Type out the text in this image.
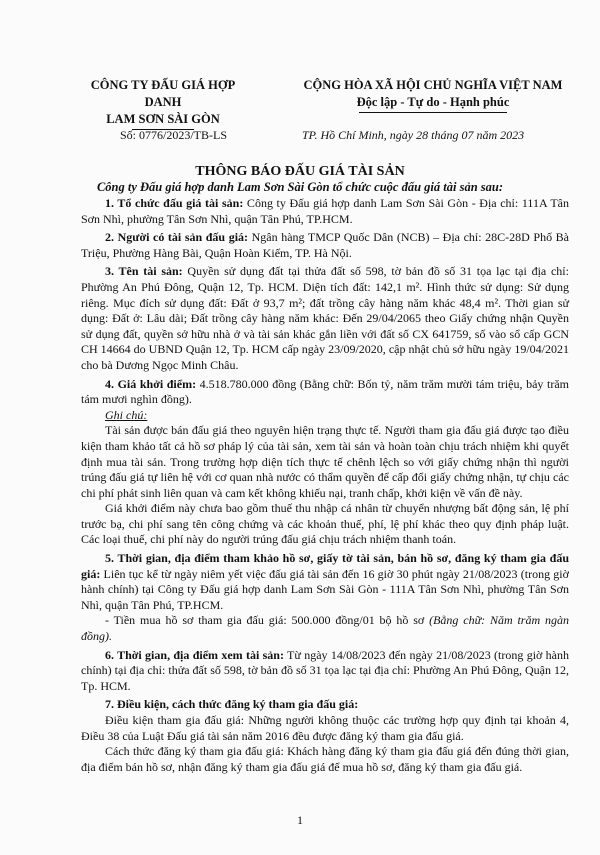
CÔNG TY ĐẤU GIÁ HỢP DANH
LAM SƠN SÀI GÒN
CỘNG HÒA XÃ HỘI CHỦ NGHĨA VIỆT NAM
Độc lập - Tự do - Hạnh phúc
Số: 0776/2023/TB-LS	TP. Hồ Chí Minh, ngày 28 tháng 07 năm 2023
THÔNG BÁO ĐẤU GIÁ TÀI SẢN
Công ty Đấu giá hợp danh Lam Sơn Sài Gòn tổ chức cuộc đấu giá tài sản sau:

1. Tổ chức đấu giá tài sản: Công ty Đấu giá hợp danh Lam Sơn Sài Gòn - Địa chỉ: 111A Tân Sơn Nhì, phường Tân Sơn Nhì, quận Tân Phú, TP.HCM.

2. Người có tài sản đấu giá: Ngân hàng TMCP Quốc Dân (NCB) – Địa chỉ: 28C-28D Phố Bà Triệu, Phường Hàng Bài, Quận Hoàn Kiếm, TP. Hà Nội.

3. Tên tài sản: Quyền sử dụng đất tại thửa đất số 598, tờ bản đồ số 31 tọa lạc tại địa chỉ: Phường An Phú Đông, Quận 12, Tp. HCM. Diện tích đất: 142,1 m². Hình thức sử dụng: Sử dụng riêng. Mục đích sử dụng đất: Đất ở 93,7 m²; đất trồng cây hàng năm khác 48,4 m². Thời gian sử dụng: Đất ở: Lâu dài; Đất trồng cây hàng năm khác: Đến 29/04/2065 theo Giấy chứng nhận Quyền sử dụng đất, quyền sở hữu nhà ở và tài sản khác gắn liền với đất số CX 641759, số vào sổ cấp GCN CH 14664 do UBND Quận 12, Tp. HCM cấp ngày 23/09/2020, cập nhật chủ sở hữu ngày 19/04/2021 cho bà Dương Ngọc Minh Châu.

4. Giá khởi điểm: 4.518.780.000 đồng (Bằng chữ: Bốn tỷ, năm trăm mười tám triệu, bảy trăm tám mươi nghìn đồng).

Ghi chú:

Tài sản được bán đấu giá theo nguyên hiện trạng thực tế. Người tham gia đấu giá được tạo điều kiện tham khảo tất cả hồ sơ pháp lý của tài sản, xem tài sản và hoàn toàn chịu trách nhiệm khi quyết định mua tài sản. Trong trường hợp diện tích thực tế chênh lệch so với giấy chứng nhận thì người trúng đấu giá tự liên hệ với cơ quan nhà nước có thẩm quyền để cấp đổi giấy chứng nhận, tự chịu các chi phí phát sinh liên quan và cam kết không khiếu nại, tranh chấp, khởi kiện về vấn đề này.

Giá khởi điểm này chưa bao gồm thuế thu nhập cá nhân từ chuyển nhượng bất động sản, lệ phí trước bạ, chi phí sang tên công chứng và các khoản thuế, phí, lệ phí khác theo quy định pháp luật. Các loại thuế, chi phí này do người trúng đấu giá chịu trách nhiệm thanh toán.

5. Thời gian, địa điểm tham khảo hồ sơ, giấy tờ tài sản, bán hồ sơ, đăng ký tham gia đấu giá: Liên tục kể từ ngày niêm yết việc đấu giá tài sản đến 16 giờ 30 phút ngày 21/08/2023 (trong giờ hành chính) tại Công ty Đấu giá hợp danh Lam Sơn Sài Gòn - 111A Tân Sơn Nhì, phường Tân Sơn Nhì, quận Tân Phú, TP.HCM.

- Tiền mua hồ sơ tham gia đấu giá: 500.000 đồng/01 bộ hồ sơ (Bằng chữ: Năm trăm ngàn đồng).

6. Thời gian, địa điểm xem tài sản: Từ ngày 14/08/2023 đến ngày 21/08/2023 (trong giờ hành chính) tại địa chỉ: thửa đất số 598, tờ bản đồ số 31 tọa lạc tại địa chỉ: Phường An Phú Đông, Quận 12, Tp. HCM.

7. Điều kiện, cách thức đăng ký tham gia đấu giá:

Điều kiện tham gia đấu giá: Những người không thuộc các trường hợp quy định tại khoản 4, Điều 38 của Luật Đấu giá tài sản năm 2016 đều được đăng ký tham gia đấu giá.

Cách thức đăng ký tham gia đấu giá: Khách hàng đăng ký tham gia đấu giá đến đúng thời gian, địa điểm bán hồ sơ, nhận đăng ký tham gia đấu giá để mua hồ sơ, đăng ký tham gia đấu giá.

1
